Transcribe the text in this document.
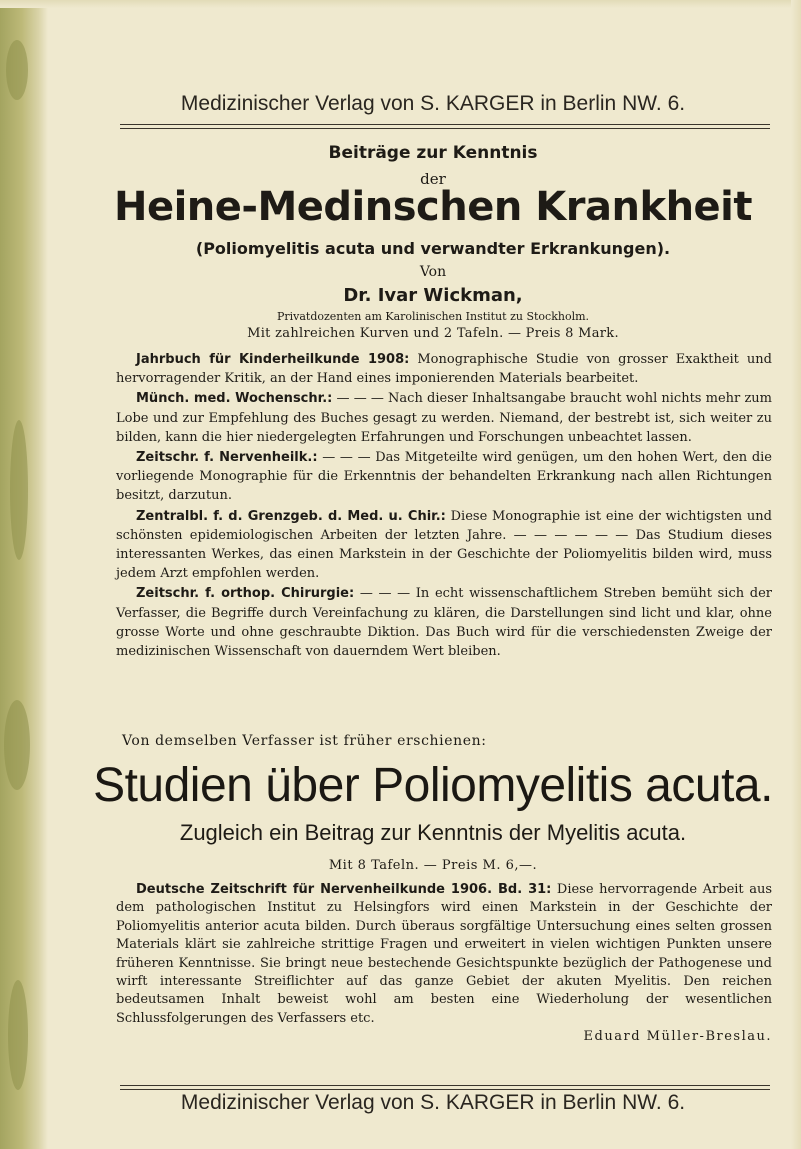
Medizinischer Verlag von S. KARGER in Berlin NW. 6.
Beiträge zur Kenntnis
der
Heine-Medinschen Krankheit
(Poliomyelitis acuta und verwandter Erkrankungen).
Von
Dr. Ivar Wickman,
Privatdozenten am Karolinischen Institut zu Stockholm.
Mit zahlreichen Kurven und 2 Tafeln. — Preis 8 Mark.

Jahrbuch für Kinderheilkunde 1908: Monographische Studie von grosser Exaktheit und hervorragender Kritik, an der Hand eines imponierenden Materials bearbeitet.

Münch. med. Wochenschr.: — — — Nach dieser Inhaltsangabe braucht wohl nichts mehr zum Lobe und zur Empfehlung des Buches gesagt zu werden. Niemand, der bestrebt ist, sich weiter zu bilden, kann die hier niedergelegten Erfahrungen und Forschungen unbeachtet lassen.

Zeitschr. f. Nervenheilk.: — — — Das Mitgeteilte wird genügen, um den hohen Wert, den die vorliegende Monographie für die Erkenntnis der behandelten Erkrankung nach allen Richtungen besitzt, darzutun.

Zentralbl. f. d. Grenzgeb. d. Med. u. Chir.: Diese Monographie ist eine der wichtigsten und schönsten epidemiologischen Arbeiten der letzten Jahre. — — — — — — Das Studium dieses interessanten Werkes, das einen Markstein in der Geschichte der Poliomyelitis bilden wird, muss jedem Arzt empfohlen werden.

Zeitschr. f. orthop. Chirurgie: — — — In echt wissenschaftlichem Streben bemüht sich der Verfasser, die Begriffe durch Vereinfachung zu klären, die Darstellungen sind licht und klar, ohne grosse Worte und ohne geschraubte Diktion. Das Buch wird für die verschiedensten Zweige der medizinischen Wissenschaft von dauerndem Wert bleiben.

Von demselben Verfasser ist früher erschienen:
Studien über Poliomyelitis acuta.
Zugleich ein Beitrag zur Kenntnis der Myelitis acuta.
Mit 8 Tafeln. — Preis M. 6,—.
Deutsche Zeitschrift für Nervenheilkunde 1906. Bd. 31: Diese hervorragende Arbeit aus dem pathologischen Institut zu Helsingfors wird einen Markstein in der Geschichte der Poliomyelitis anterior acuta bilden. Durch überaus sorgfältige Untersuchung eines selten grossen Materials klärt sie zahlreiche strittige Fragen und erweitert in vielen wichtigen Punkten unsere früheren Kenntnisse. Sie bringt neue bestechende Gesichtspunkte bezüglich der Pathogenese und wirft interessante Streiflichter auf das ganze Gebiet der akuten Myelitis. Den reichen bedeutsamen Inhalt beweist wohl am besten eine Wiederholung der wesentlichen Schlussfolgerungen des Verfassers etc.
Eduard Müller-Breslau.
Medizinischer Verlag von S. KARGER in Berlin NW. 6.
